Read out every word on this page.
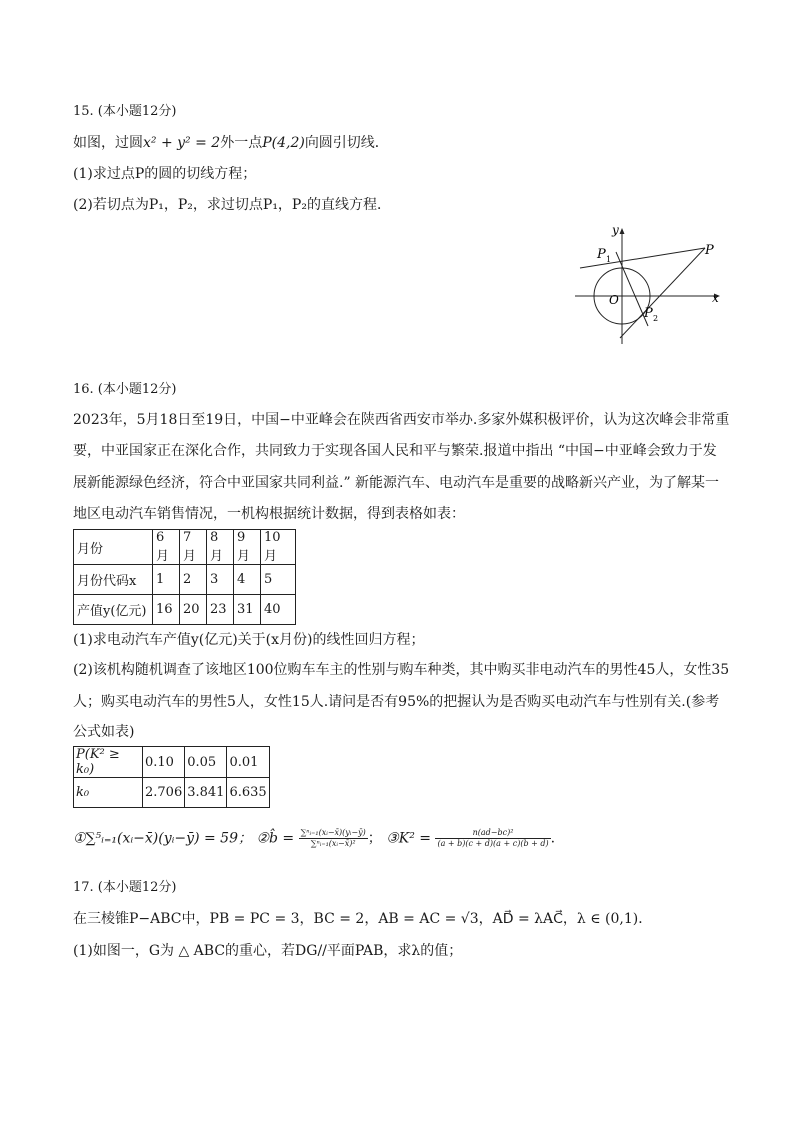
15. (本小题12分)
如图，过圆x² + y² = 2外一点P(4,2)向圆引切线．
(1)求过点P的圆的切线方程；
(2)若切点为P₁，P₂，求过切点P₁，P₂的直线方程．
y
x
O
P
P 1
P 2
16. (本小题12分)
2023年，5月18日至19日，中国−中亚峰会在陕西省西安市举办.多家外媒积极评价，认为这次峰会非常重
要，中亚国家正在深化合作，共同致力于实现各国人民和平与繁荣.报道中指出 “中国−中亚峰会致力于发
展新能源绿色经济，符合中亚国家共同利益.” 新能源汽车、电动汽车是重要的战略新兴产业，为了解某一
地区电动汽车销售情况，一机构根据统计数据，得到表格如表：
月份	6月	7月	8月	9月	10月
月份代码x	1	2	3	4	5
产值y(亿元)	16	20	23	31	40
(1)求电动汽车产值y(亿元)关于(x月份)的线性回归方程；
(2)该机构随机调查了该地区100位购车车主的性别与购车种类，其中购买非电动汽车的男性45人，女性35
人；购买电动汽车的男性5人，女性15人.请问是否有95%的把握认为是否购买电动汽车与性别有关.(参考
公式如表)
P(K² ≥ k₀)	0.10	0.05	0.01
k₀	2.706	3.841	6.635
①∑⁵ᵢ₌₁(xᵢ−x̄)(yᵢ−ȳ) = 59； ②b̂ = $\frac{\text{∑ⁿᵢ₌₁(xᵢ−x̄)(yᵢ−ȳ)}}{\text{∑ⁿᵢ₌₁(xᵢ−x̄)²}}$ ； ③K² = $\frac{\text{n(ad−bc)²}}{(a + b)(c + d)(a + c)(b + d)}$ .
17. (本小题12分)
在三棱锥P−ABC中，PB = PC = 3，BC = 2，AB = AC = √3，AD⃗ = λAC⃗，λ ∈ (0,1)．
(1)如图一，G为 △ ABC的重心，若DG//平面PAB，求λ的值；
